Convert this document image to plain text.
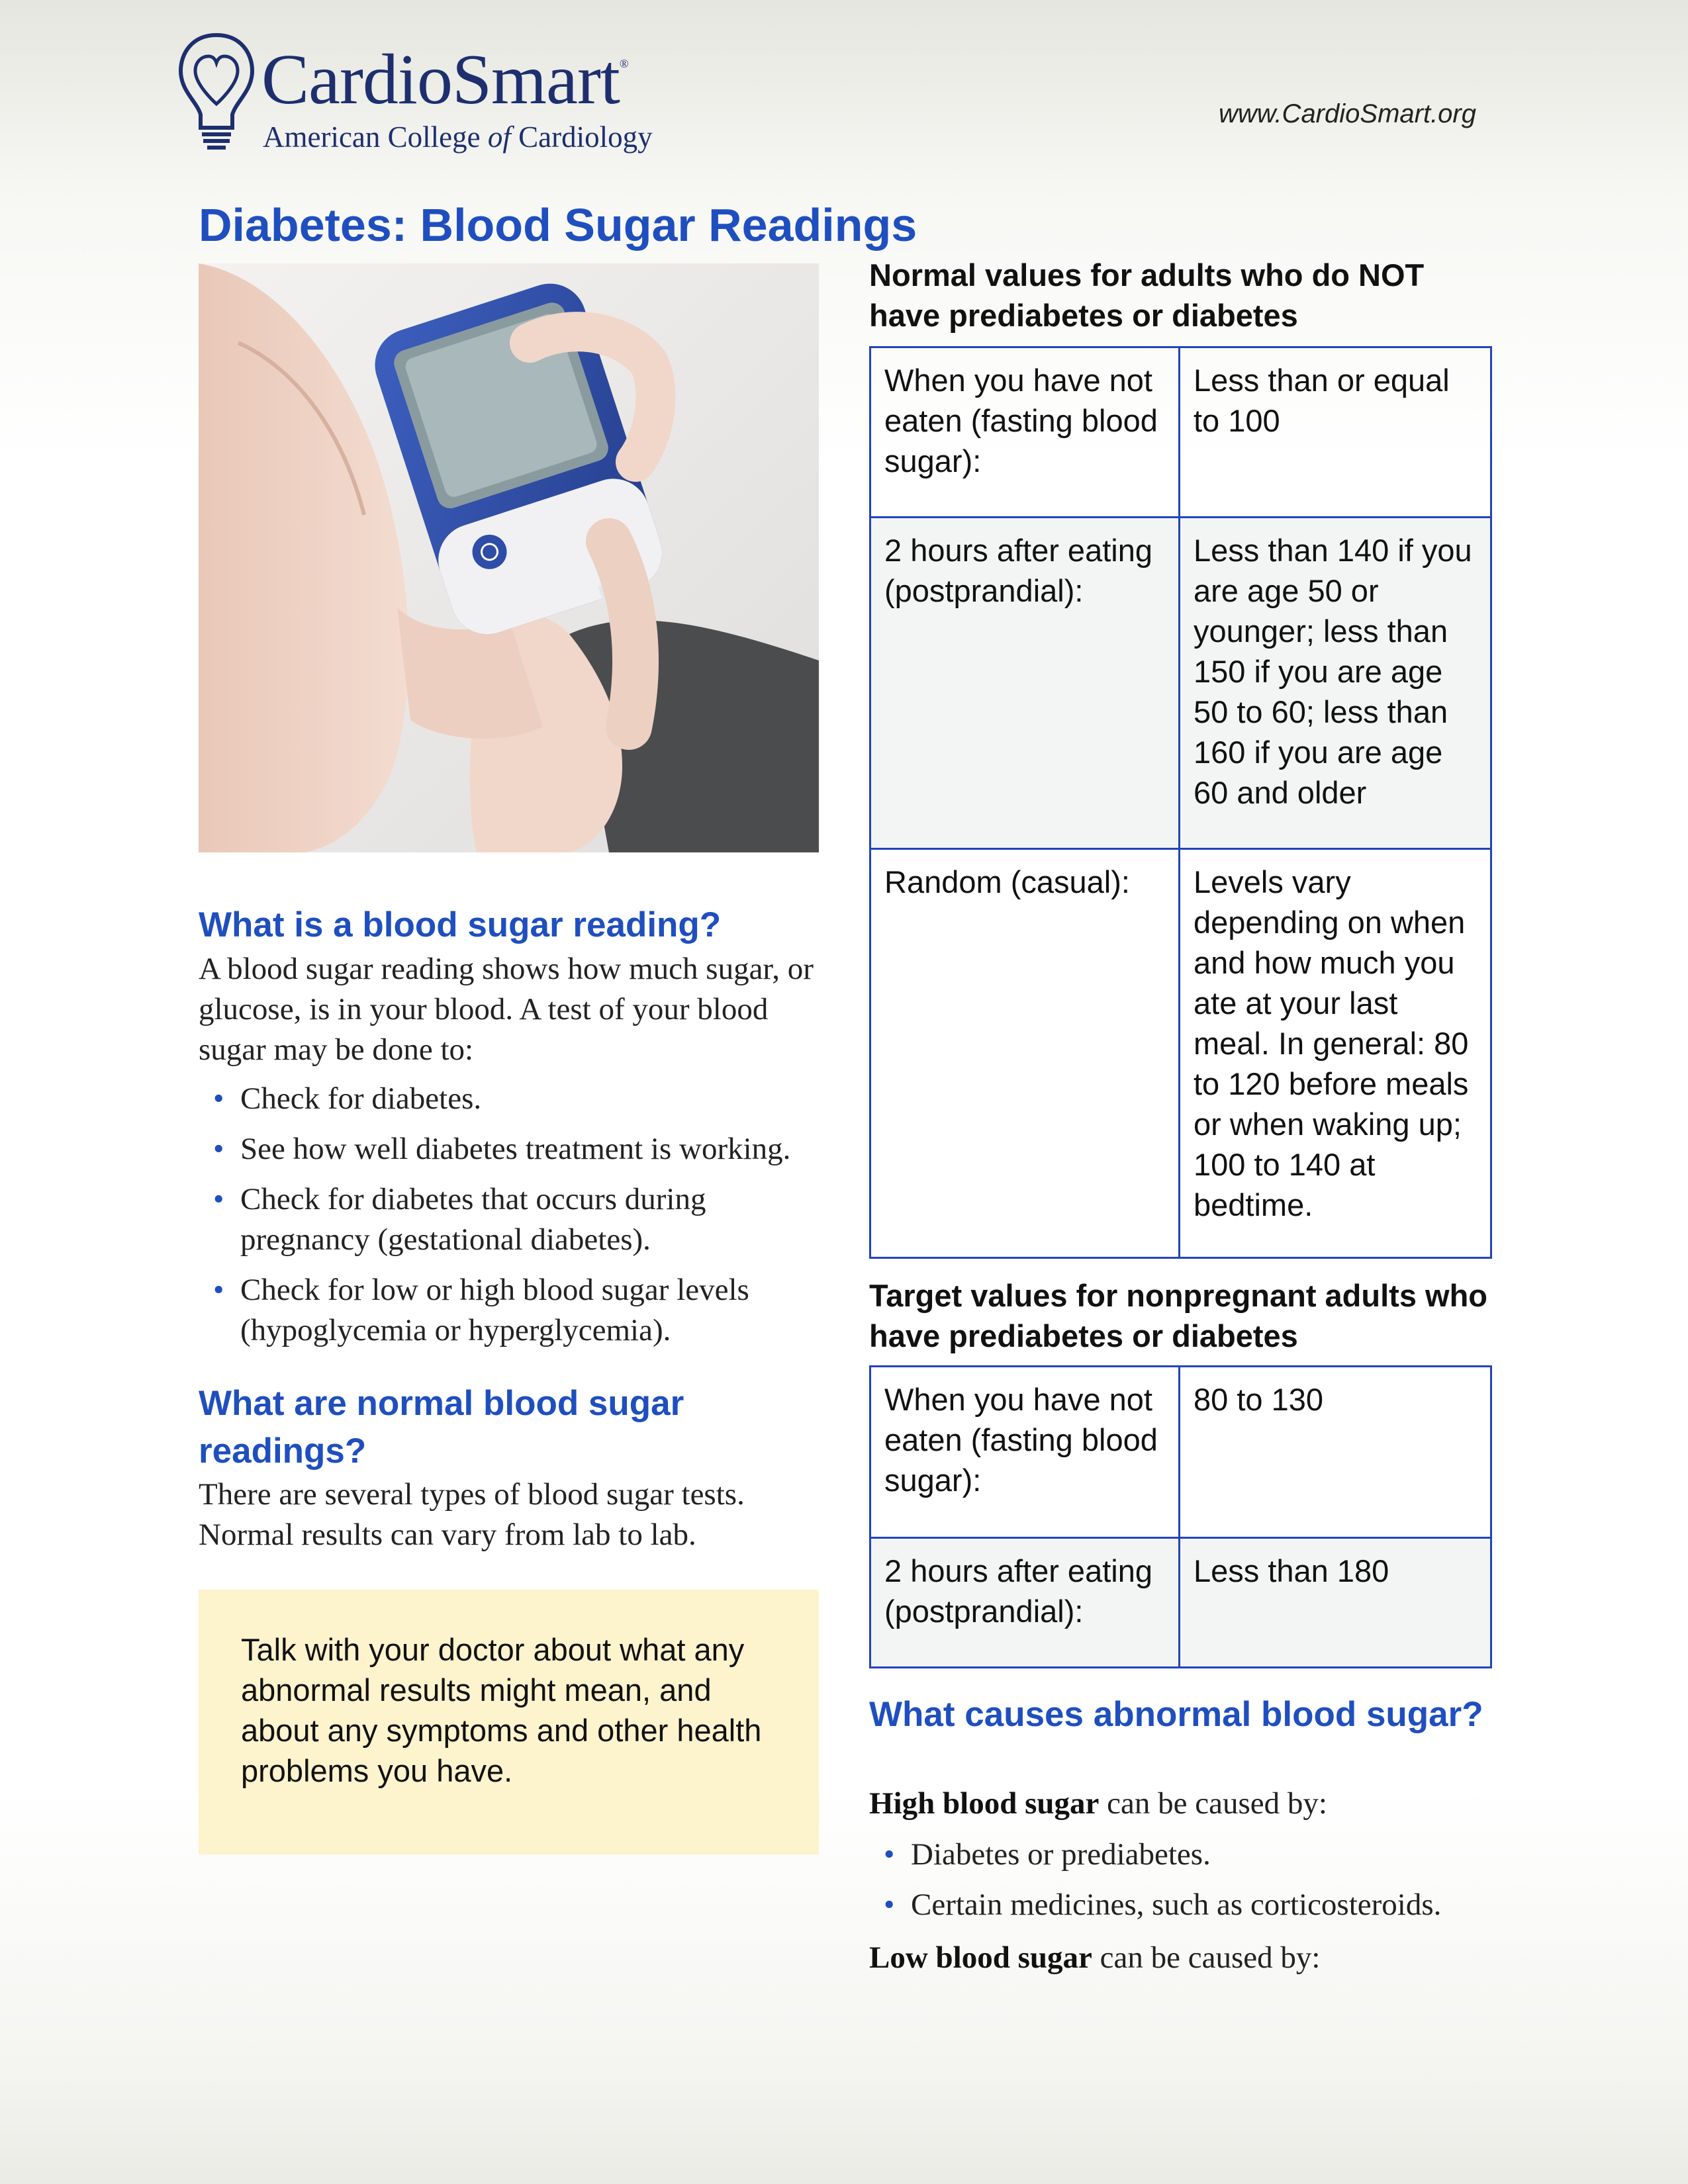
CardioSmart®
American College of Cardiology
www.CardioSmart.org
Diabetes: Blood Sugar Readings
What is a blood sugar reading?

A blood sugar reading shows how much sugar, or glucose, is in your blood. A test of your blood sugar may be done to:

• Check for diabetes.
• See how well diabetes treatment is working.
• Check for diabetes that occurs during pregnancy (gestational diabetes).
• Check for low or high blood sugar levels (hypoglycemia or hyperglycemia).
What are normal blood sugar readings?

There are several types of blood sugar tests. Normal results can vary from lab to lab.

Talk with your doctor about what any abnormal results might mean, and about any symptoms and other health problems you have.

Normal values for adults who do NOT have prediabetes or diabetes

When you have not eaten (fasting blood sugar):	Less than or equal to 100
2 hours after eating (postprandial):	Less than 140 if you are age 50 or younger; less than 150 if you are age 50 to 60; less than 160 if you are age 60 and older
Random (casual):	Levels vary depending on when and how much you ate at your last meal. In general: 80 to 120 before meals or when waking up; 100 to 140 at bedtime.

Target values for nonpregnant adults who have prediabetes or diabetes

When you have not eaten (fasting blood sugar):	80 to 130
2 hours after eating (postprandial):	Less than 180
What causes abnormal blood sugar?

High blood sugar can be caused by:

• Diabetes or prediabetes.
• Certain medicines, such as corticosteroids.

Low blood sugar can be caused by:
